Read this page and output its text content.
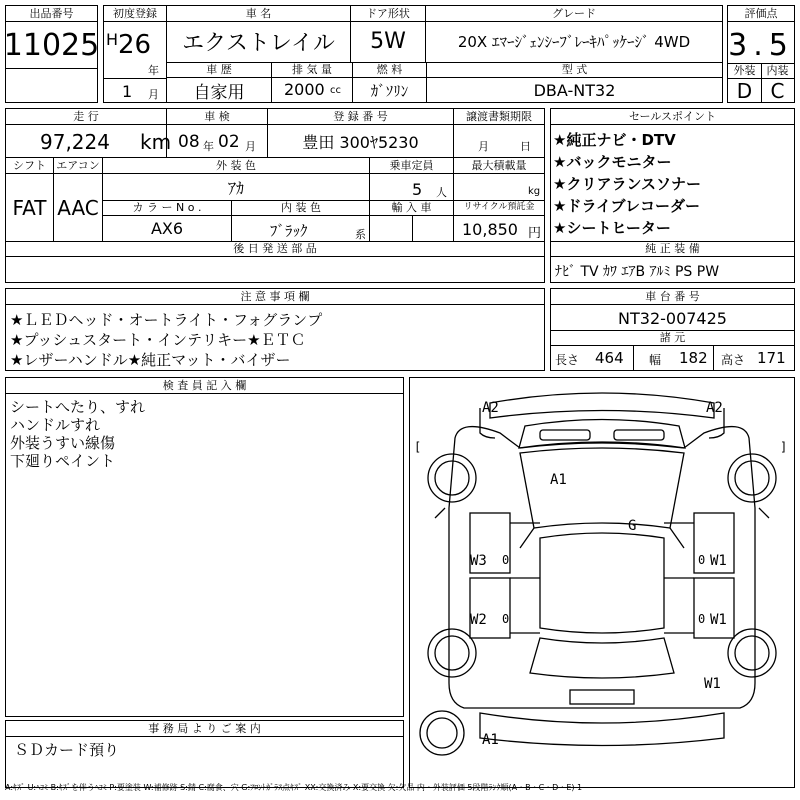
出品番号
11025
初度登録
H 26
年
1 月
車 名
エクストレイル
ドア形状
5W
グレード
20X ｴﾏｰｼﾞｪﾝｼｰﾌﾞﾚｰｷﾊﾟｯｹｰｼﾞ 4WD
車 歴
自家用
排 気 量
2000 cc
燃 料
ｶﾞｿﾘﾝ
型 式
DBA-NT32
評価点
3.5
外装	内装
D C
走 行
97,224 km
車 検
08 年 02 月
登 録 番 号
豊田 300ﾔ5230
譲渡書類期限
月	日
シフト
FAT
エアコン
AAC
外 装 色
ｱｶ
乗車定員
5 人
最大積載量
kg
カ ラ ー N o .
AX6
内 装 色
ﾌﾞﾗｯｸ	系
輸 入 車	リサイクル預託金
10,850 円
後 日 発 送 部 品
セールスポイント
★純正ナビ・DTV
★バックモニター
★クリアランスソナー
★ドライブレコーダー
★シートヒーター
純 正 装 備
ﾅﾋﾞ TV ｶﾜ ｴｱB ｱﾙﾐ PS PW
注 意 事 項 欄
★ＬＥＤヘッド・オートライト・フォグランプ
★プッシュスタート・インテリキー★ＥＴＣ
★レザーハンドル★純正マット・バイザー
車 台 番 号
NT32-007425
諸 元
長さ 464 幅 182 高さ 171
検 査 員 記 入 欄
シートへたり、すれ
ハンドルすれ
外装うすい線傷
下廻りペイント
事 務 局 よ り ご 案 内
ＳＤカード預り
A2	A2
A1
G
W3	W1
W2	W1
W1
A1
[	]
0	0
0	0
A:ｷｽﾞ U:ﾍｺﾐ B:ｷｽﾞを伴うﾍｺﾐ P:要塗装 W:補修跡 S:錆 C:腐食、穴 G:ﾌﾛﾝﾄｶﾞﾗｽ点ｷｽﾞ XX:交換済み X:要交換 欠:欠品 内・外装評価 5段階ﾗﾝｸ順(A・B・C・D・E) 1
